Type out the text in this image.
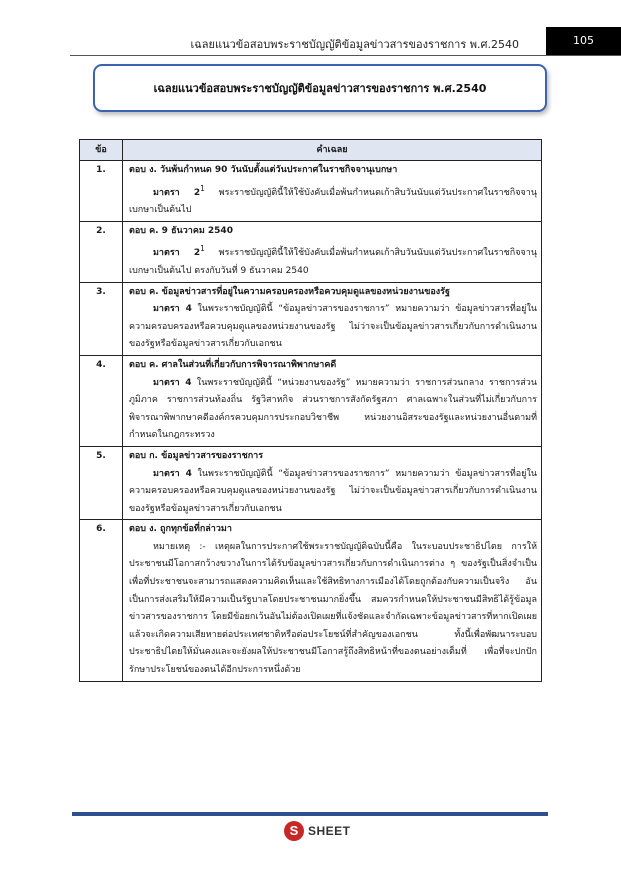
เฉลยแนวข้อสอบพระราชบัญญัติข้อมูลข่าวสารของราชการ พ.ศ.2540	105
เฉลยแนวข้อสอบพระราชบัญญัติข้อมูลข่าวสารของราชการ พ.ศ.2540
ข้อ	คำเฉลย
1.	ตอบ ง. วันพ้นกำหนด 90 วันนับตั้งแต่วันประกาศในราชกิจจานุเบกษา
มาตรา $2^1$ พระราชบัญญัตินี้ให้ใช้บังคับเมื่อพ้นกำหนดเก้าสิบวันนับแต่วันประกาศในราชกิจจานุเบกษาเป็นต้นไป

2.	ตอบ ค. 9 ธันวาคม 2540
มาตรา $2^1$ พระราชบัญญัตินี้ให้ใช้บังคับเมื่อพ้นกำหนดเก้าสิบวันนับแต่วันประกาศในราชกิจจานุเบกษาเป็นต้นไป ตรงกับวันที่ 9 ธันวาคม 2540

3.	ตอบ ค. ข้อมูลข่าวสารที่อยู่ในความครอบครองหรือควบคุมดูแลของหน่วยงานของรัฐ
มาตรา 4 ในพระราชบัญญัตินี้ “ข้อมูลข่าวสารของราชการ” หมายความว่า ข้อมูลข่าวสารที่อยู่ในความครอบครองหรือควบคุมดูแลของหน่วยงานของรัฐ ไม่ว่าจะเป็นข้อมูลข่าวสารเกี่ยวกับการดำเนินงานของรัฐหรือข้อมูลข่าวสารเกี่ยวกับเอกชน

4.	ตอบ ค. ศาลในส่วนที่เกี่ยวกับการพิจารณาพิพากษาคดี
มาตรา 4 ในพระราชบัญญัตินี้ “หน่วยงานของรัฐ” หมายความว่า ราชการส่วนกลาง ราชการส่วนภูมิภาค ราชการส่วนท้องถิ่น รัฐวิสาหกิจ ส่วนราชการสังกัดรัฐสภา ศาลเฉพาะในส่วนที่ไม่เกี่ยวกับการพิจารณาพิพากษาคดีองค์กรควบคุมการประกอบวิชาชีพ หน่วยงานอิสระของรัฐและหน่วยงานอื่นตามที่กำหนดในกฎกระทรวง

5.	ตอบ ก. ข้อมูลข่าวสารของราชการ
มาตรา 4 ในพระราชบัญญัตินี้ “ข้อมูลข่าวสารของราชการ” หมายความว่า ข้อมูลข่าวสารที่อยู่ในความครอบครองหรือควบคุมดูแลของหน่วยงานของรัฐ ไม่ว่าจะเป็นข้อมูลข่าวสารเกี่ยวกับการดำเนินงานของรัฐหรือข้อมูลข่าวสารเกี่ยวกับเอกชน

6.	ตอบ ง. ถูกทุกข้อที่กล่าวมา
หมายเหตุ :- เหตุผลในการประกาศใช้พระราชบัญญัติฉบับนี้คือ ในระบอบประชาธิปไตย การให้ประชาชนมีโอกาสกว้างขวางในการได้รับข้อมูลข่าวสารเกี่ยวกับการดำเนินการต่าง ๆ ของรัฐเป็นสิ่งจำเป็น เพื่อที่ประชาชนจะสามารถแสดงความคิดเห็นและใช้สิทธิทางการเมืองได้โดยถูกต้องกับความเป็นจริง อันเป็นการส่งเสริมให้มีความเป็นรัฐบาลโดยประชาชนมากยิ่งขึ้น สมควรกำหนดให้ประชาชนมีสิทธิได้รู้ข้อมูลข่าวสารของราชการ โดยมีข้อยกเว้นอันไม่ต้องเปิดเผยที่แจ้งชัดและจำกัดเฉพาะข้อมูลข่าวสารที่หากเปิดเผยแล้วจะเกิดความเสียหายต่อประเทศชาติหรือต่อประโยชน์ที่สำคัญของเอกชน ทั้งนี้เพื่อพัฒนาระบอบประชาธิปไตยให้มั่นคงและจะยังผลให้ประชาชนมีโอกาสรู้ถึงสิทธิหน้าที่ของตนอย่างเต็มที่ เพื่อที่จะปกปักรักษาประโยชน์ของตนได้อีกประการหนึ่งด้วย
S SHEET
